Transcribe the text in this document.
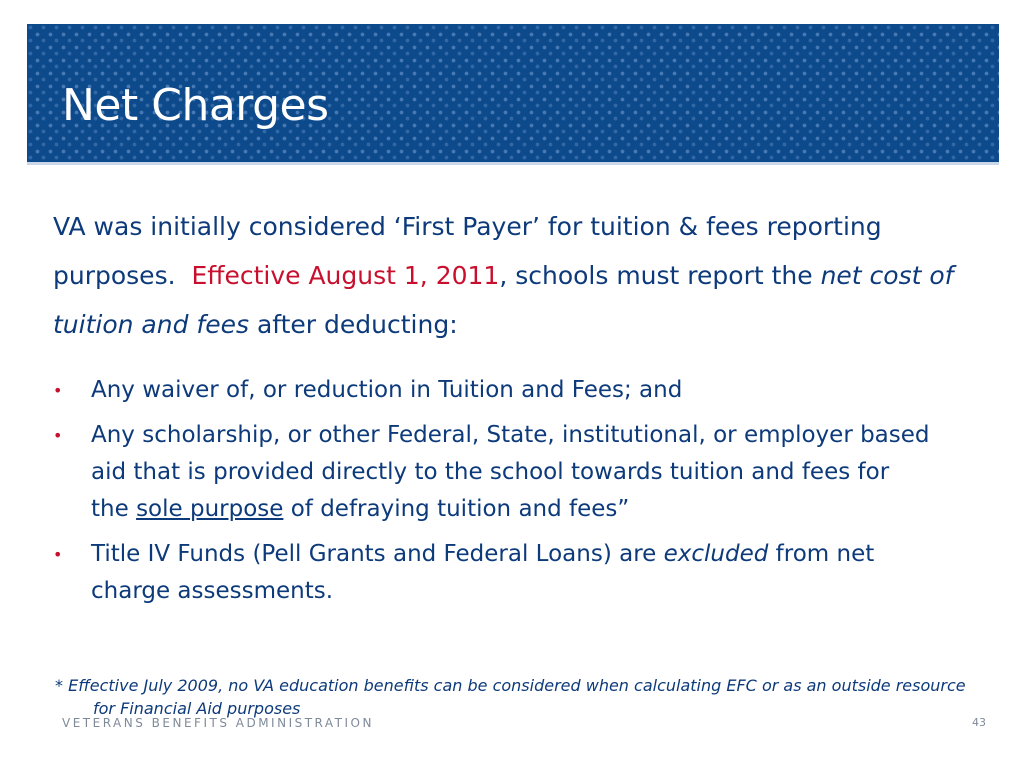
Net Charges

VA was initially considered ‘First Payer’ for tuition & fees reporting purposes.  Effective August 1, 2011, schools must report the net cost of tuition and fees after deducting:

• Any waiver of, or reduction in Tuition and Fees; and
• Any scholarship, or other Federal, State, institutional, or employer based aid that is provided directly to the school towards tuition and fees for the sole purpose of defraying tuition and fees”
• Title IV Funds (Pell Grants and Federal Loans) are excluded from net charge assessments.

* Effective July 2009, no VA education benefits can be considered when calculating EFC or as an outside resource for Financial Aid purposes

VETERANS BENEFITS ADMINISTRATION	43
